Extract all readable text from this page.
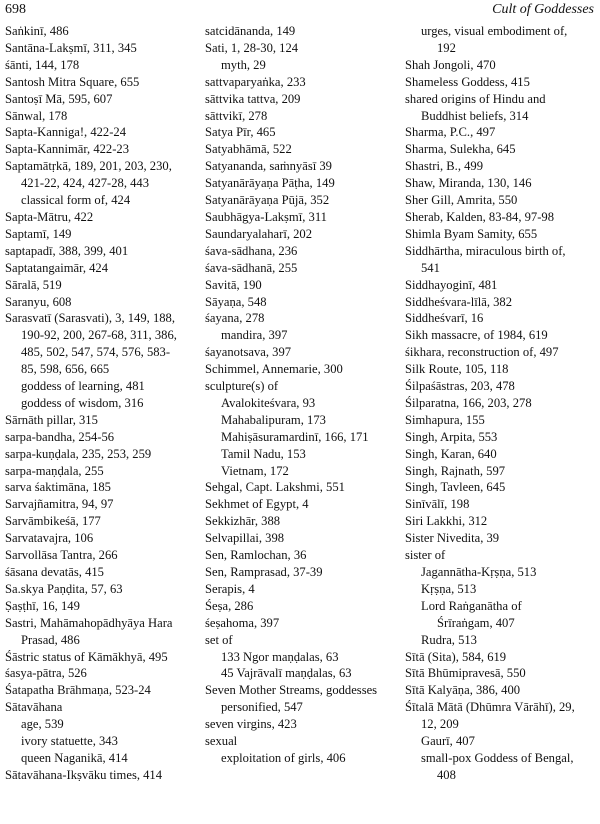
698	Cult of Goddesses
Saṅkinī, 486
Santāna-Lakṣmī, 311, 345
śānti, 144, 178
Santosh Mitra Square, 655
Santoṣī Mā, 595, 607
Sānwal, 178
Sapta-Kanniga!, 422-24
Sapta-Kannimār, 422-23
Saptamātṛkā, 189, 201, 203, 230,
421-22, 424, 427-28, 443
classical form of, 424
Sapta-Mātru, 422
Saptamī, 149
saptapadī, 388, 399, 401
Saptatangaimār, 424
Sāralā, 519
Saranyu, 608
Sarasvatī (Sarasvati), 3, 149, 188,
190-92, 200, 267-68, 311, 386,
485, 502, 547, 574, 576, 583-
85, 598, 656, 665
goddess of learning, 481
goddess of wisdom, 316
Sārnāth pillar, 315
sarpa-bandha, 254-56
sarpa-kuṇḍala, 235, 253, 259
sarpa-maṇḍala, 255
sarva śaktimāna, 185
Sarvajñamitra, 94, 97
Sarvāmbikeśā, 177
Sarvatavajra, 106
Sarvollāsa Tantra, 266
śāsana devatās, 415
Sa.skya Paṇḍita, 57, 63
Ṣaṣṭhī, 16, 149
Sastri, Mahāmahopādhyāya Hara
Prasad, 486
Śāstric status of Kāmākhyā, 495
śasya-pātra, 526
Śatapatha Brāhmaṇa, 523-24
Sātavāhana
age, 539
ivory statuette, 343
queen Naganikā, 414
Sātavāhana-Ikṣvāku times, 414
satcidānanda, 149
Sati, 1, 28-30, 124
myth, 29
sattvaparyaṅka, 233
sāttvika tattva, 209
sāttvikī, 278
Satya Pīr, 465
Satyabhāmā, 522
Satyananda, saṁnyāsī 39
Satyanārāyaṇa Pāṭha, 149
Satyanārāyaṇa Pūjā, 352
Saubhāgya-Lakṣmī, 311
Saundaryalaharī, 202
śava-sādhana, 236
śava-sādhanā, 255
Savitā, 190
Sāyaṇa, 548
śayana, 278
mandira, 397
śayanotsava, 397
Schimmel, Annemarie, 300
sculpture(s) of
Avalokiteśvara, 93
Mahabalipuram, 173
Mahiṣāsuramardinī, 166, 171
Tamil Nadu, 153
Vietnam, 172
Sehgal, Capt. Lakshmi, 551
Sekhmet of Egypt, 4
Sekkizhār, 388
Selvapillai, 398
Sen, Ramlochan, 36
Sen, Ramprasad, 37-39
Serapis, 4
Śeṣa, 286
śeṣahoma, 397
set of
133 Ngor maṇḍalas, 63
45 Vajrāvalī maṇḍalas, 63
Seven Mother Streams, goddesses
personified, 547
seven virgins, 423
sexual
exploitation of girls, 406
urges, visual embodiment of,
192
Shah Jongoli, 470
Shameless Goddess, 415
shared origins of Hindu and
Buddhist beliefs, 314
Sharma, P.C., 497
Sharma, Sulekha, 645
Shastri, B., 499
Shaw, Miranda, 130, 146
Sher Gill, Amrita, 550
Sherab, Kalden, 83-84, 97-98
Shimla Byam Samity, 655
Siddhārtha, miraculous birth of,
541
Siddhayoginī, 481
Siddheśvara-līlā, 382
Siddheśvarī, 16
Sikh massacre, of 1984, 619
śikhara, reconstruction of, 497
Silk Route, 105, 118
Śilpaśāstras, 203, 478
Śilparatna, 166, 203, 278
Simhapura, 155
Singh, Arpita, 553
Singh, Karan, 640
Singh, Rajnath, 597
Singh, Tavleen, 645
Sinīvālī, 198
Siri Lakkhi, 312
Sister Nivedita, 39
sister of
Jagannātha-Kṛṣṇa, 513
Kṛṣṇa, 513
Lord Raṅganātha of
Śrīraṅgam, 407
Rudra, 513
Sītā (Sita), 584, 619
Sītā Bhūmipravesā, 550
Sītā Kalyāṇa, 386, 400
Śītalā Mātā (Dhūmra Vārāhī), 29,
12, 209
Gaurī, 407
small-pox Goddess of Bengal,
408
